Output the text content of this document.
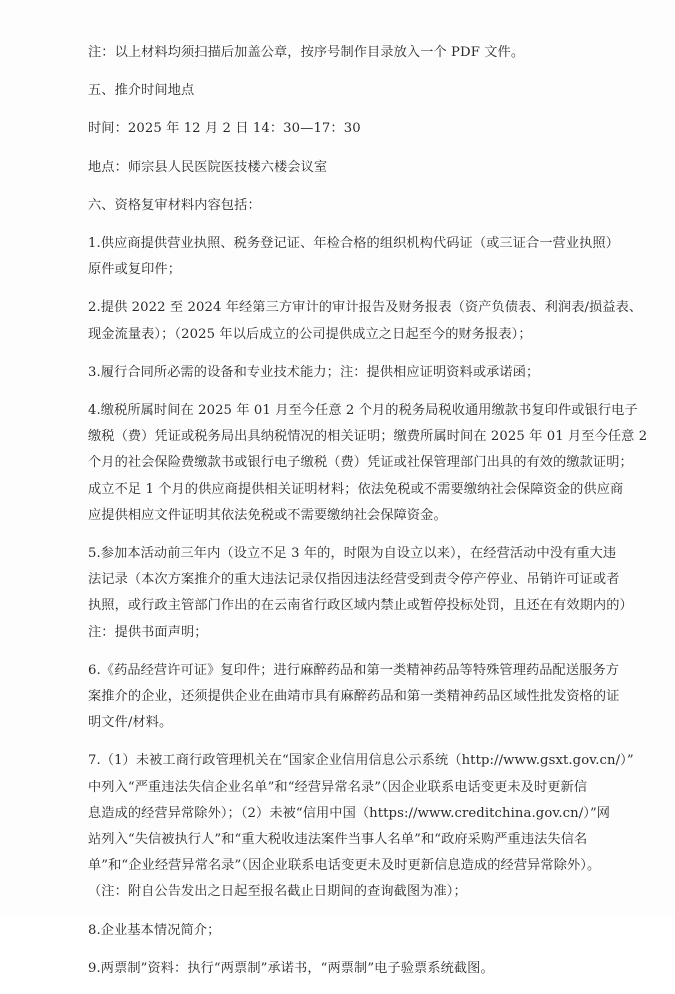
注：以上材料均须扫描后加盖公章，按序号制作目录放入一个 PDF 文件。

五、推介时间地点

时间：2025 年 12 月 2 日 14：30—17：30

地点：师宗县人民医院医技楼六楼会议室

六、资格复审材料内容包括：

1.供应商提供营业执照、税务登记证、年检合格的组织机构代码证（或三证合一营业执照）
原件或复印件；

2.提供 2022 至 2024 年经第三方审计的审计报告及财务报表（资产负债表、利润表/损益表、
现金流量表）；（2025 年以后成立的公司提供成立之日起至今的财务报表）；

3.履行合同所必需的设备和专业技术能力；注：提供相应证明资料或承诺函；

4.缴税所属时间在 2025 年 01 月至今任意 2 个月的税务局税收通用缴款书复印件或银行电子
缴税（费）凭证或税务局出具纳税情况的相关证明；缴费所属时间在 2025 年 01 月至今任意 2
个月的社会保险费缴款书或银行电子缴税（费）凭证或社保管理部门出具的有效的缴款证明；
成立不足 1 个月的供应商提供相关证明材料；依法免税或不需要缴纳社会保障资金的供应商
应提供相应文件证明其依法免税或不需要缴纳社会保障资金。

5.参加本活动前三年内（设立不足 3 年的，时限为自设立以来），在经营活动中没有重大违
法记录（本次方案推介的重大违法记录仅指因违法经营受到责令停产停业、吊销许可证或者
执照，或行政主管部门作出的在云南省行政区域内禁止或暂停投标处罚，且还在有效期内的）
注：提供书面声明；

6.《药品经营许可证》复印件；进行麻醉药品和第一类精神药品等特殊管理药品配送服务方
案推介的企业，还须提供企业在曲靖市具有麻醉药品和第一类精神药品区域性批发资格的证
明文件/材料。

7.（1）未被工商行政管理机关在“国家企业信用信息公示系统（http://www.gsxt.gov.cn/）”
中列入“严重违法失信企业名单”和“经营异常名录”（因企业联系电话变更未及时更新信
息造成的经营异常除外）；（2）未被“信用中国（https://www.creditchina.gov.cn/）”网
站列入“失信被执行人”和“重大税收违法案件当事人名单”和“政府采购严重违法失信名
单”和“企业经营异常名录”（因企业联系电话变更未及时更新信息造成的经营异常除外）。
（注：附自公告发出之日起至报名截止日期间的查询截图为准）；

8.企业基本情况简介；

9.两票制”资料：执行“两票制”承诺书，“两票制”电子验票系统截图。
